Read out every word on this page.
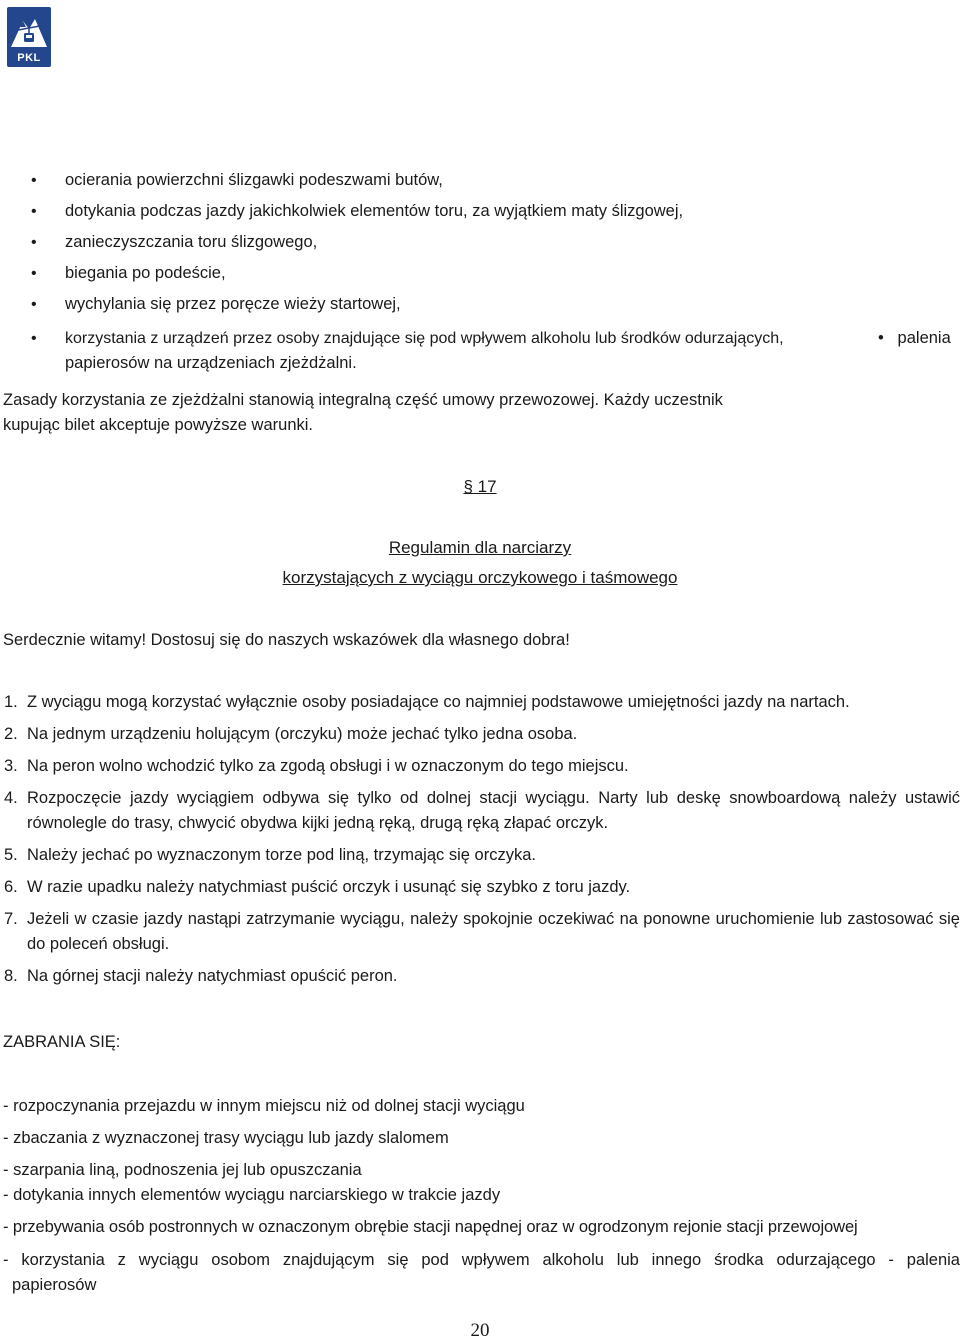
PKL
• ocierania powierzchni ślizgawki podeszwami butów,
• dotykania podczas jazdy jakichkolwiek elementów toru, za wyjątkiem maty ślizgowej,
• zanieczyszczania toru ślizgowego,
• biegania po podeście,
• wychylania się przez poręcze wieży startowej,
• korzystania z urządzeń przez osoby znajdujące się pod wpływem alkoholu lub środków odurzających,	• palenia
papierosów na urządzeniach zjeżdżalni.
Zasady korzystania ze zjeżdżalni stanowią integralną część umowy przewozowej. Każdy uczestnik
kupując bilet akceptuje powyższe warunki.
§ 17
Regulamin dla narciarzy
korzystających z wyciągu orczykowego i taśmowego
Serdecznie witamy! Dostosuj się do naszych wskazówek dla własnego dobra!
1. Z wyciągu mogą korzystać wyłącznie osoby posiadające co najmniej podstawowe umiejętności jazdy na nartach.
2. Na jednym urządzeniu holującym (orczyku) może jechać tylko jedna osoba.
3. Na peron wolno wchodzić tylko za zgodą obsługi i w oznaczonym do tego miejscu.
4. Rozpoczęcie jazdy wyciągiem odbywa się tylko od dolnej stacji wyciągu. Narty lub deskę snowboardową należy ustawić równolegle do trasy, chwycić obydwa kijki jedną ręką, drugą ręką złapać orczyk.
5. Należy jechać po wyznaczonym torze pod liną, trzymając się orczyka.
6. W razie upadku należy natychmiast puścić orczyk i usunąć się szybko z toru jazdy.
7. Jeżeli w czasie jazdy nastąpi zatrzymanie wyciągu, należy spokojnie oczekiwać na ponowne uruchomienie lub zastosować się do poleceń obsługi.
8. Na górnej stacji należy natychmiast opuścić peron.
ZABRANIA SIĘ:
- rozpoczynania przejazdu w innym miejscu niż od dolnej stacji wyciągu
- zbaczania z wyznaczonej trasy wyciągu lub jazdy slalomem
- szarpania liną, podnoszenia jej lub opuszczania
- dotykania innych elementów wyciągu narciarskiego w trakcie jazdy
- przebywania osób postronnych w oznaczonym obrębie stacji napędnej oraz w ogrodzonym rejonie stacji przewojowej
- korzystania z wyciągu osobom znajdującym się pod wpływem alkoholu lub innego środka odurzającego - palenia
papierosów
20
